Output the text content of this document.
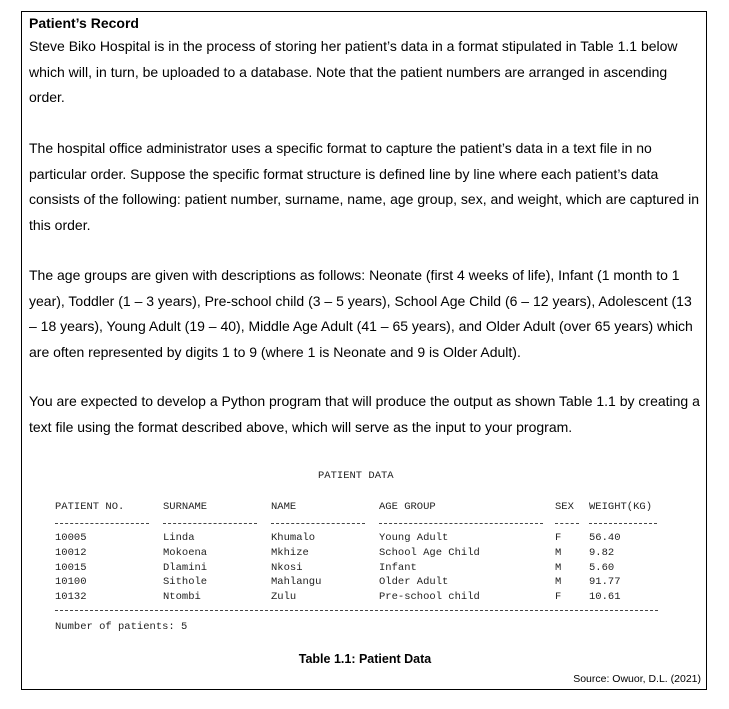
Patient’s Record
Steve Biko Hospital is in the process of storing her patient’s data in a format stipulated in Table 1.1 below which will, in turn, be uploaded to a database. Note that the patient numbers are arranged in ascending order.
The hospital office administrator uses a specific format to capture the patient’s data in a text file in no particular order. Suppose the specific format structure is defined line by line where each patient’s data consists of the following: patient number, surname, name, age group, sex, and weight, which are captured in this order.
The age groups are given with descriptions as follows: Neonate (first 4 weeks of life), Infant (1 month to 1 year), Toddler (1 – 3 years), Pre-school child (3 – 5 years), School Age Child (6 – 12 years), Adolescent (13 – 18 years), Young Adult (19 – 40), Middle Age Adult (41 – 65 years), and Older Adult (over 65 years) which are often represented by digits 1 to 9 (where 1 is Neonate and 9 is Older Adult).
You are expected to develop a Python program that will produce the output as shown Table 1.1 by creating a text file using the format described above, which will serve as the input to your program.
PATIENT DATA
PATIENT NO.	SURNAME	NAME	AGE GROUP	SEX WEIGHT(KG)
10005	Linda	Khumalo	Young Adult	F	56.40
10012	Mokoena	Mkhize	School Age Child	M	9.82
10015	Dlamini	Nkosi	Infant	M	5.60
10100	Sithole	Mahlangu	Older Adult	M	91.77
10132	Ntombi	Zulu	Pre-school child	F	10.61
Number of patients: 5
Table 1.1: Patient Data
Source: Owuor, D.L. (2021)
